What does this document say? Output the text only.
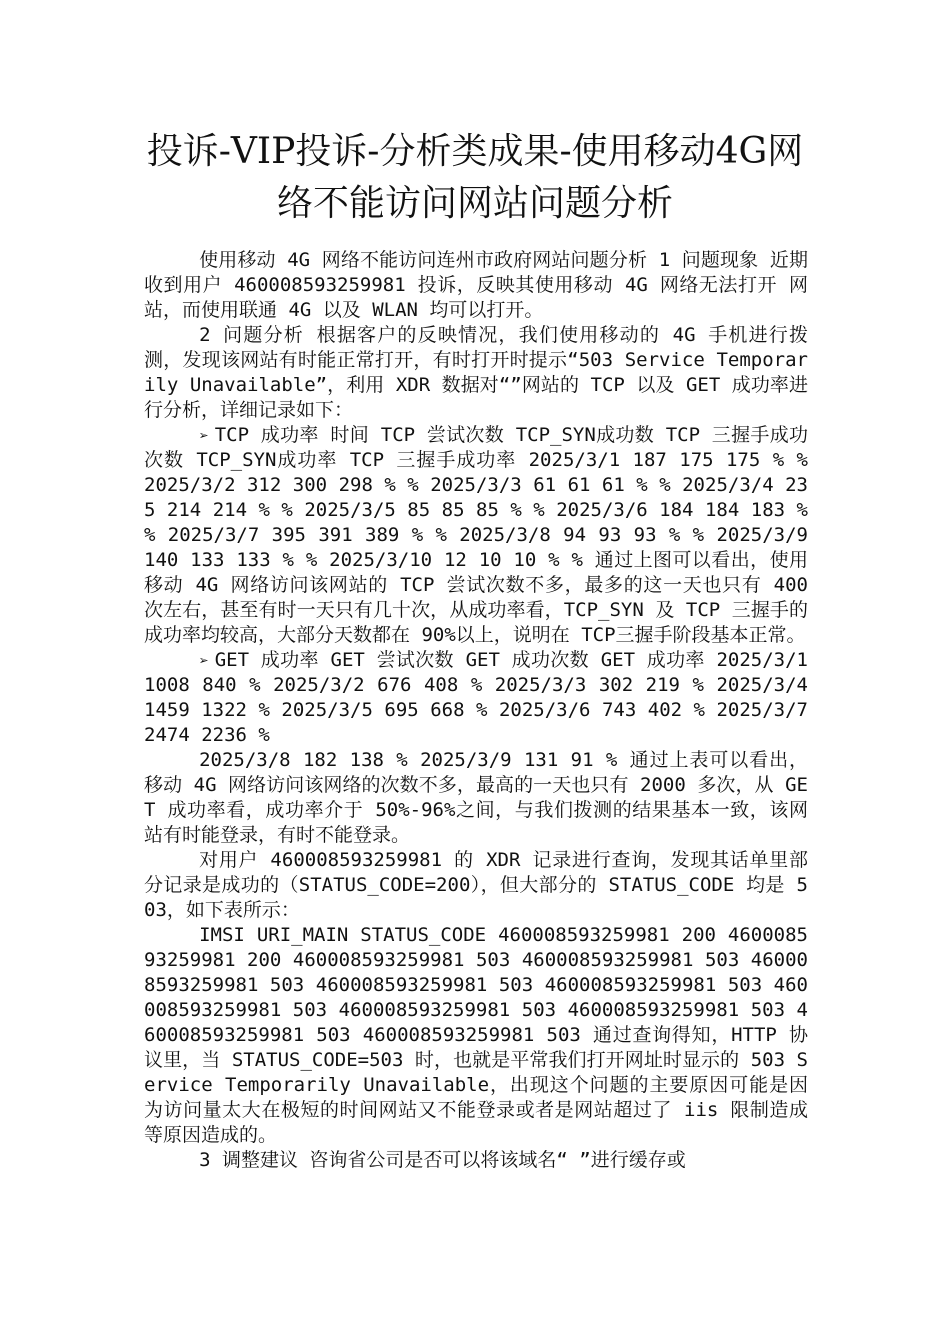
投诉-VIP投诉-分析类成果-使用移动4G网络不能访问网站问题分析

使用移动 4G 网络不能访问连州市政府网站问题分析 1 问题现象 近期收到用户 460008593259981 投诉，反映其使用移动 4G 网络无法打开 网站，而使用联通 4G 以及 WLAN 均可以打开。

2 问题分析 根据客户的反映情况，我们使用移动的 4G 手机进行拨测，发现该网站有时能正常打开，有时打开时提示“503 Service Temporarily Unavailable”，利用 XDR 数据对“”网站的 TCP 以及 GET 成功率进行分析，详细记录如下：

➢ TCP 成功率 时间 TCP 尝试次数 TCP_SYN成功数 TCP 三握手成功次数 TCP_SYN成功率 TCP 三握手成功率 2025/3/1 187 175 175 % % 2025/3/2 312 300 298 % % 2025/3/3 61 61 61 % % 2025/3/4 235 214 214 % % 2025/3/5 85 85 85 % % 2025/3/6 184 184 183 % % 2025/3/7 395 391 389 % % 2025/3/8 94 93 93 % % 2025/3/9 140 133 133 % % 2025/3/10 12 10 10 % % 通过上图可以看出，使用移动 4G 网络访问该网站的 TCP 尝试次数不多，最多的这一天也只有 400 次左右，甚至有时一天只有几十次，从成功率看，TCP_SYN 及 TCP 三握手的成功率均较高，大部分天数都在 90%以上，说明在 TCP三握手阶段基本正常。

➢ GET 成功率 GET 尝试次数 GET 成功次数 GET 成功率 2025/3/1 1008 840 % 2025/3/2 676 408 % 2025/3/3 302 219 % 2025/3/4 1459 1322 % 2025/3/5 695 668 % 2025/3/6 743 402 % 2025/3/7 2474 2236 %

2025/3/8 182 138 % 2025/3/9 131 91 % 通过上表可以看出，移动 4G 网络访问该网络的次数不多，最高的一天也只有 2000 多次，从 GET 成功率看，成功率介于 50%-96%之间，与我们拨测的结果基本一致，该网站有时能登录，有时不能登录。

对用户 460008593259981 的 XDR 记录进行查询，发现其话单里部分记录是成功的（STATUS_CODE=200），但大部分的 STATUS_CODE 均是 503，如下表所示：

IMSI URI_MAIN STATUS_CODE 460008593259981 200 460008593259981 200 460008593259981 503 460008593259981 503 460008593259981 503 460008593259981 503 460008593259981 503 460008593259981 503 460008593259981 503 460008593259981 503 460008593259981 503 460008593259981 503 通过查询得知，HTTP 协议里，当 STATUS_CODE=503 时，也就是平常我们打开网址时显示的 503 Service Temporarily Unavailable，出现这个问题的主要原因可能是因为访问量太大在极短的时间网站又不能登录或者是网站超过了 iis 限制造成等原因造成的。

3 调整建议 咨询省公司是否可以将该域名“ ”进行缓存或
